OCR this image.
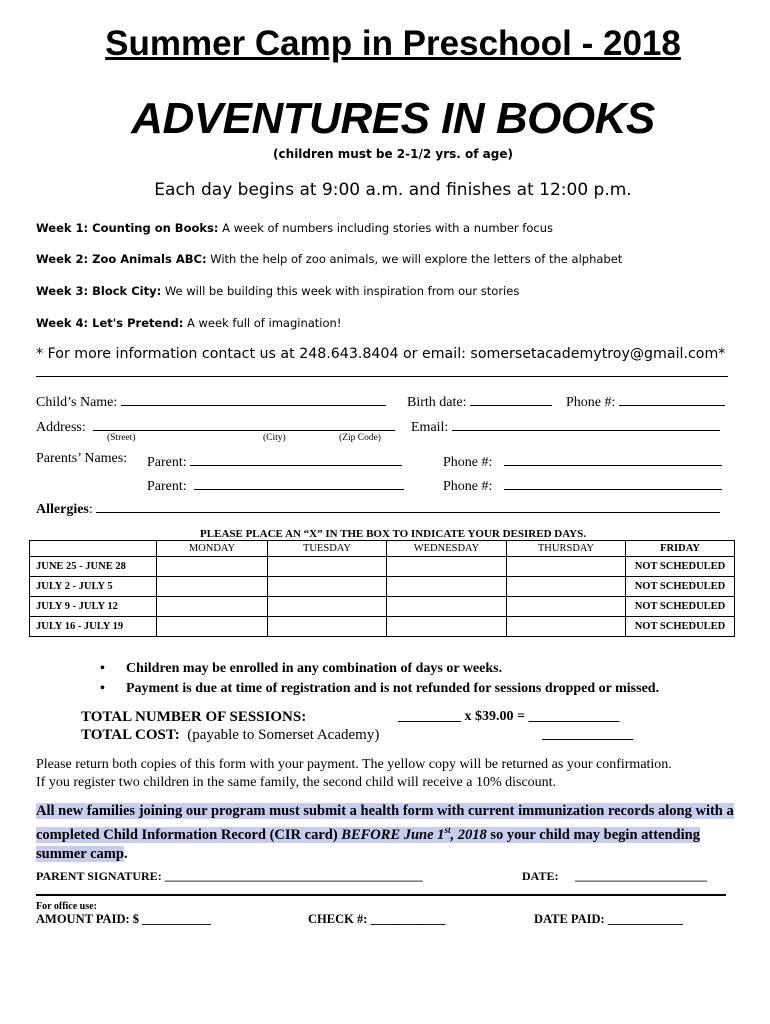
Summer Camp in Preschool - 2018
ADVENTURES IN BOOKS
(children must be 2-1/2 yrs. of age)
Each day begins at 9:00 a.m. and finishes at 12:00 p.m.
Week 1: Counting on Books: A week of numbers including stories with a number focus
Week 2: Zoo Animals ABC: With the help of zoo animals, we will explore the letters of the alphabet
Week 3: Block City: We will be building this week with inspiration from our stories
Week 4: Let's Pretend: A week full of imagination!
* For more information contact us at 248.643.8404 or email: somersetacademytroy@gmail.com*
Child’s Name:	Birth date:	Phone #:
Address:	Email:
(Street)	(City)	(Zip Code)
Parents’ Names: Parent:	Phone #:
Parent:	Phone #:
Allergies:
PLEASE PLACE AN “X” IN THE BOX TO INDICATE YOUR DESIRED DAYS.
	MONDAY	TUESDAY	WEDNESDAY	THURSDAY	FRIDAY
JUNE 25 - JUNE 28					NOT SCHEDULED
JULY 2 - JULY 5					NOT SCHEDULED
JULY 9 - JULY 12					NOT SCHEDULED
JULY 16 - JULY 19					NOT SCHEDULED
• Children may be enrolled in any combination of days or weeks.
• Payment is due at time of registration and is not refunded for sessions dropped or missed.
TOTAL NUMBER OF SESSIONS:	_________ x $39.00 = _____________
TOTAL COST: (payable to Somerset Academy)	_____________
Please return both copies of this form with your payment. The yellow copy will be returned as your confirmation.
If you register two children in the same family, the second child will receive a 10% discount.
All new families joining our program must submit a health form with current immunization records along with a completed Child Information Record (CIR card) BEFORE June 1st, 2018 so your child may begin attending summer camp.
PARENT SIGNATURE: ___________________________________________	DATE: ______________________
For office use:
AMOUNT PAID: $ ___________	CHECK #: ____________	DATE PAID: ____________
